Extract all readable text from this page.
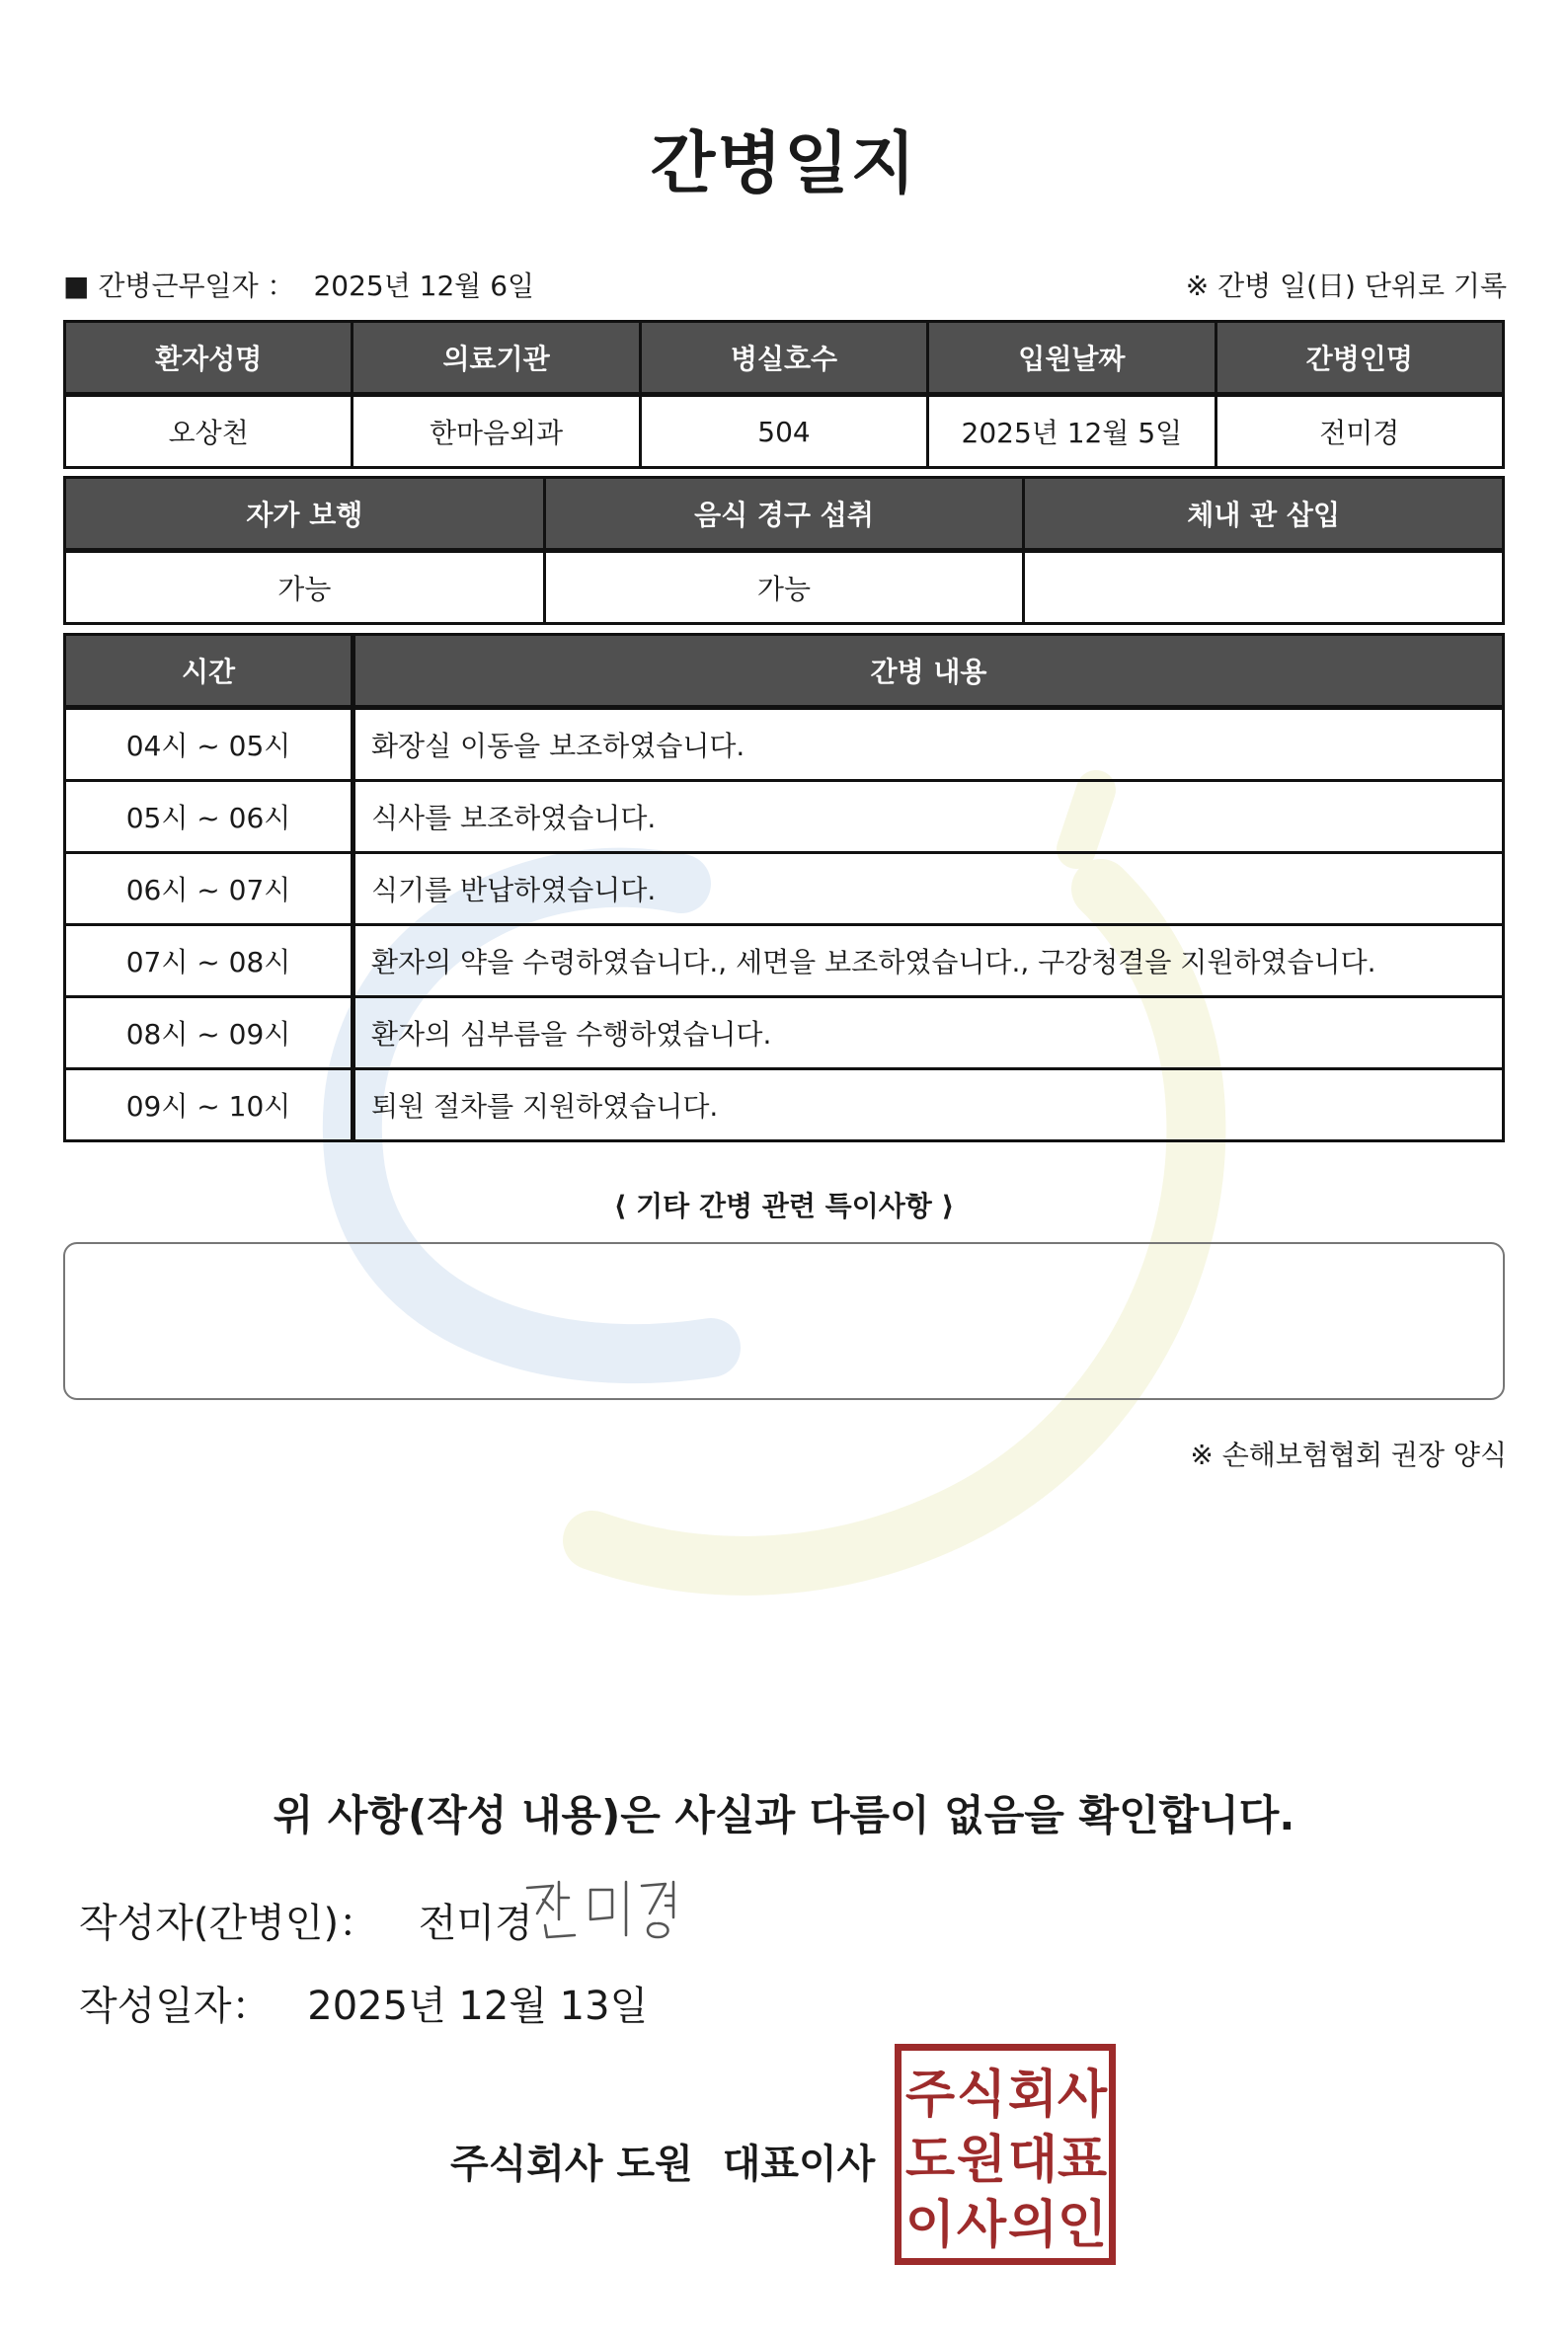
간병일지
■ 간병근무일자 ： 2025년 12월 6일	※ 간병 일(日) 단위로 기록
환자성명	의료기관	병실호수	입원날짜	간병인명
오상천	한마음외과	504	2025년 12월 5일	전미경
자가 보행	음식 경구 섭취	체내 관 삽입
가능	가능	
시간	간병 내용
04시 ~ 05시	화장실 이동을 보조하였습니다.
05시 ~ 06시	식사를 보조하였습니다.
06시 ~ 07시	식기를 반납하였습니다.
07시 ~ 08시	환자의 약을 수령하였습니다., 세면을 보조하였습니다., 구강청결을 지원하였습니다.
08시 ~ 09시	환자의 심부름을 수행하였습니다.
09시 ~ 10시	퇴원 절차를 지원하였습니다.
⟨ 기타 간병 관련 특이사항 ⟩
※ 손해보험협회 권장 양식
위 사항(작성 내용)은 사실과 다름이 없음을 확인합니다.
작성자(간병인)： 전미경
작성일자： 2025년 12월 13일
주식회사 도원 대표이사
주 식 회 사
도 원 대 표
이 사 의 인
